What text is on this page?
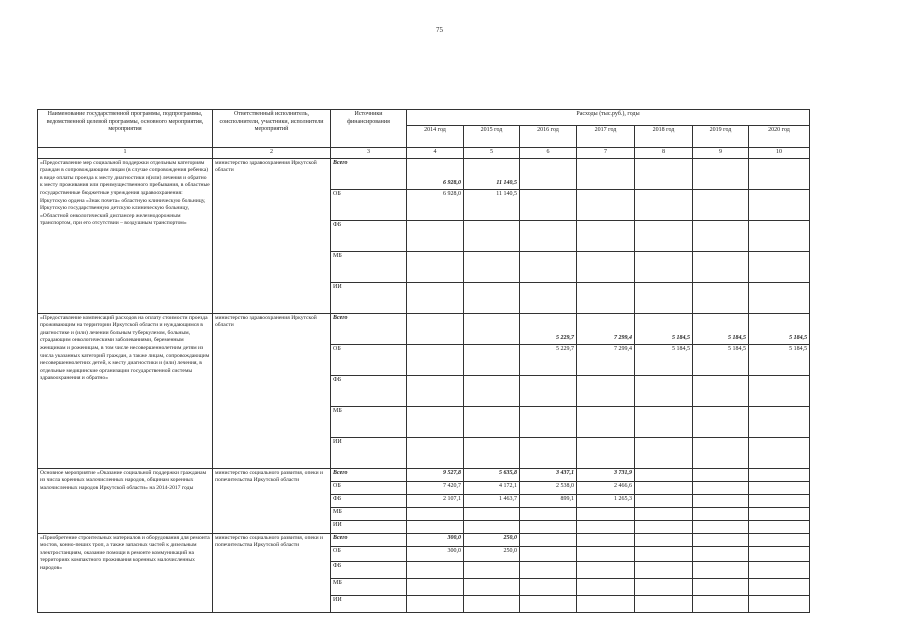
75
Наименование государственной программы, подпрограммы, ведомственной целевой программы, основного мероприятия, мероприятия	Ответственный исполнитель, соисполнители, участники, исполнители мероприятий	Источники финансирования	Расходы (тыс.руб.), годы						
			2014 год	2015 год	2016 год	2017 год	2018 год	2019 год	2020 год
1	2	3	4	5	6	7	8	9	10
«Предоставление мер социальной поддержки отдельным категориям граждан в сопровождающим лицам (в случае сопровождения ребенка) в виде оплаты проезда к месту диагностики и(или) лечения и обратно к месту проживания или преимущественного пребывания, в областные государственные бюджетные учреждения здравоохранения: Иркутскую ордена «Знак почета» областную клиническую больницу, Иркутскую государственную детскую клиническую больницу, «Областной онкологический диспансер железнодорожным транспортом, при его отсутствии – воздушным транспортом»	министерство здравоохранения Иркутской области	Всего	6 928,0	11 140,5					
		ОБ	6 928,0	11 140,5					
		ФБ							
		МБ							
		ИИ							
«Предоставление компенсаций расходов на оплату стоимости проезда проживающим на территории Иркутской области и нуждающимся в диагностике и (или) лечении больным туберкулезом, больным, страдающим онкологическими заболеваниями, беременным женщинам и роженицам, в том числе несовершеннолетним детям из числа указанных категорий граждан, а также лицам, сопровождающим несовершеннолетних детей, к месту диагностики и (или) лечения, в отдельные медицинские организации государственной системы здравоохранения и обратно»	министерство здравоохранения Иркутской области	Всего			5 229,7	7 299,4	5 184,5	5 184,5	5 184,5
		ОБ			5 229,7	7 299,4	5 184,5	5 184,5	5 184,5
		ФБ							
		МБ							
		ИИ							
Основное мероприятие «Оказание социальной поддержки гражданам из числа коренных малочисленных народов, общинам коренных малочисленных народов Иркутской области» на 2014-2017 годы	министерство социального развития, опеки и попечительства Иркутской области	Всего	9 527,8	5 635,8	3 437,1	3 731,9			
		ОБ	7 420,7	4 172,1	2 538,0	2 466,6			
		ФБ	2 107,1	1 463,7	899,1	1 265,3			
		МБ							
		ИИ							
«Приобретение строительных материалов и оборудования для ремонта мостов, конно-пеших троп, а также запасных частей к дизельным электростанциям, оказание помощи в ремонте коммуникаций на территориях компактного проживания коренных малочисленных народов»	министерство социального развития, опеки и попечительства Иркутской области	Всего	300,0	250,0					
		ОБ	300,0	250,0					
		ФБ							
		МБ							
		ИИ							
